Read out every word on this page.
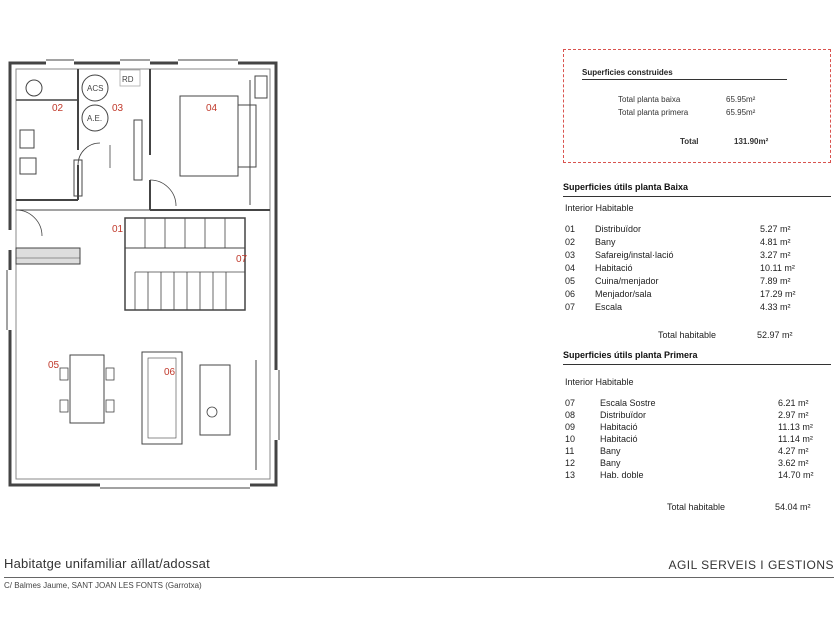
01
02	03	04
05
06
07
ACS
A.E.
RD
Superficies construides
Total planta baixa	65.95m²
Total planta primera	65.95m²
Total	131.90m²
Superficies útils planta Baixa
Interior Habitable
01 Distribuïdor	5.27 m²
02 Bany	4.81 m²
03 Safareig/instal·lació	3.27 m²
04 Habitació	10.11 m²
05 Cuina/menjador	7.89 m²
06 Menjador/sala	17.29 m²
07 Escala	4.33 m²
Total habitable	52.97 m²
Superficies útils planta Primera
Interior Habitable
07	Escala Sostre	6.21 m²
08	Distribuïdor	2.97 m²
09	Habitació	11.13 m²
10	Habitació	11.14 m²
11	Bany	4.27 m²
12	Bany	3.62 m²
13	Hab. doble	14.70 m²
Total habitable	54.04 m²
Habitatge unifamiliar aïllat/adossat	AGIL SERVEIS I GESTIONS
C/ Balmes Jaume, SANT JOAN LES FONTS (Garrotxa)
